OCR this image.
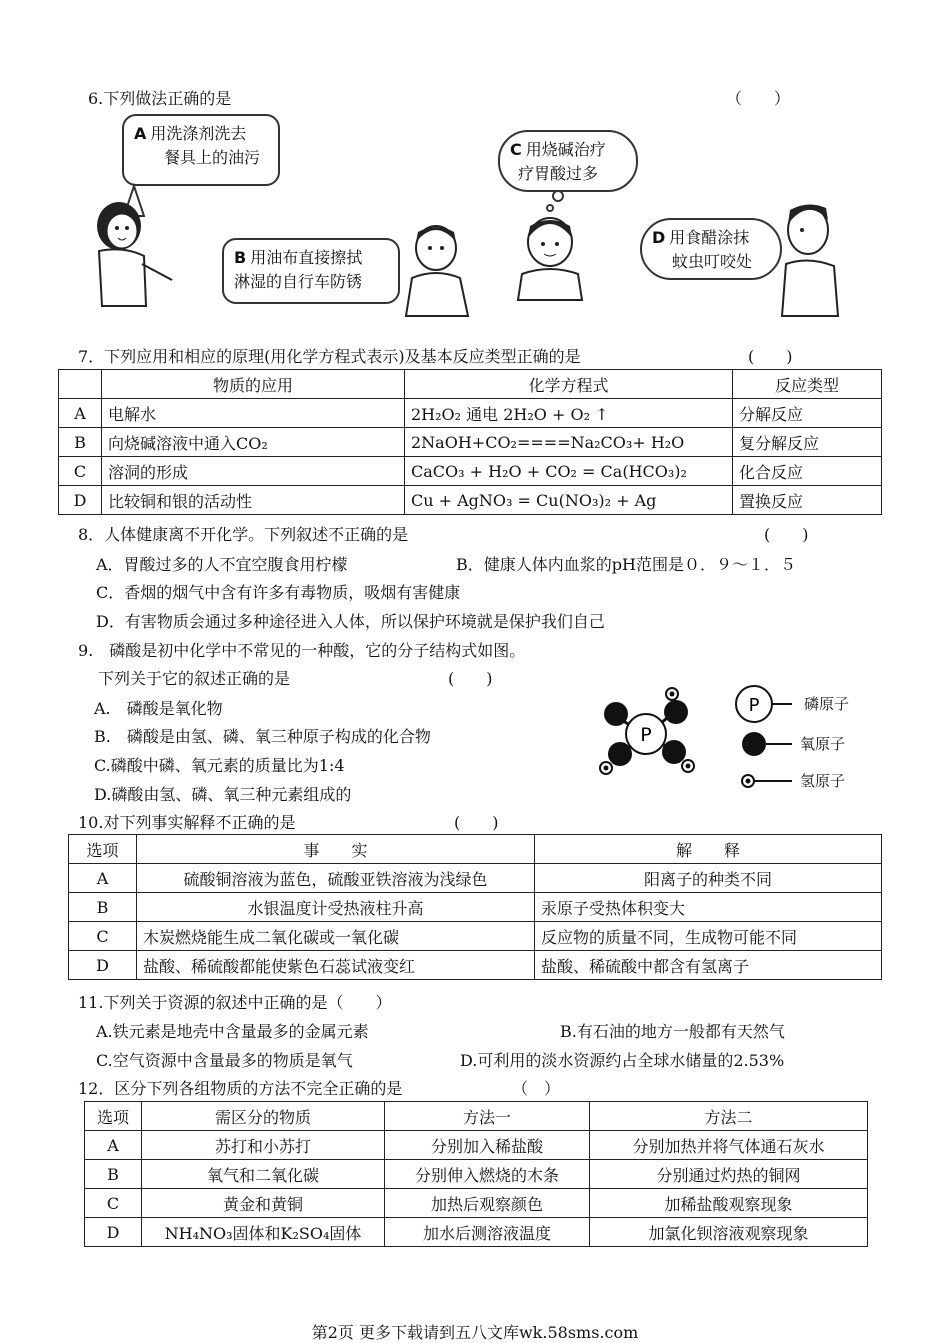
6.下列做法正确的是	（　　）
A 用洗涤剂洗去
餐具上的油污
B 用油布直接擦拭
淋湿的自行车防锈
C 用烧碱治疗
疗胃酸过多
D 用食醋涂抹
蚊虫叮咬处
7．下列应用和相应的原理(用化学方程式表示)及基本反应类型正确的是	(　　)
	物质的应用	化学方程式	反应类型
A	电解水	2H₂O₂ 通电 2H₂O + O₂ ↑	分解反应
B	向烧碱溶液中通入CO₂	2NaOH+CO₂====Na₂CO₃+ H₂O	复分解反应
C	溶洞的形成	CaCO₃ + H₂O + CO₂ = Ca(HCO₃)₂	化合反应
D	比较铜和银的活动性	Cu + AgNO₃ = Cu(NO₃)₂ + Ag	置换反应
8．人体健康离不开化学。下列叙述不正确的是	(　　)
A．胃酸过多的人不宜空腹食用柠檬	B．健康人体内血浆的pH范围是０．９～１．５
C．香烟的烟气中含有许多有毒物质，吸烟有害健康
D．有害物质会通过多种途径进入人体，所以保护环境就是保护我们自己
9.　磷酸是初中化学中不常见的一种酸，它的分子结构式如图。
下列关于它的叙述正确的是	(　　)
A.　磷酸是氧化物
B.　磷酸是由氢、磷、氧三种原子构成的化合物
C.磷酸中磷、氧元素的质量比为1:4
D.磷酸由氢、磷、氧三种元素组成的
P
P	磷原子
氧原子
氢原子
10.对下列事实解释不正确的是	(　　)
选项	事　　实	解　　释
A	硫酸铜溶液为蓝色，硫酸亚铁溶液为浅绿色	阳离子的种类不同
B	水银温度计受热液柱升高	汞原子受热体积变大
C	木炭燃烧能生成二氧化碳或一氧化碳	反应物的质量不同，生成物可能不同
D	盐酸、稀硫酸都能使紫色石蕊试液变红	盐酸、稀硫酸中都含有氢离子
11.下列关于资源的叙述中正确的是（　　）
A.铁元素是地壳中含量最多的金属元素	B.有石油的地方一般都有天然气
C.空气资源中含量最多的物质是氧气	D.可利用的淡水资源约占全球水储量的2.53%
12．区分下列各组物质的方法不完全正确的是	（　）
选项	需区分的物质	方法一	方法二
A	苏打和小苏打	分别加入稀盐酸	分别加热并将气体通石灰水
B	氧气和二氧化碳	分别伸入燃烧的木条	分别通过灼热的铜网
C	黄金和黄铜	加热后观察颜色	加稀盐酸观察现象
D	NH₄NO₃固体和K₂SO₄固体	加水后测溶液温度	加氯化钡溶液观察现象
第2页 更多下载请到五八文库wk.58sms.com
